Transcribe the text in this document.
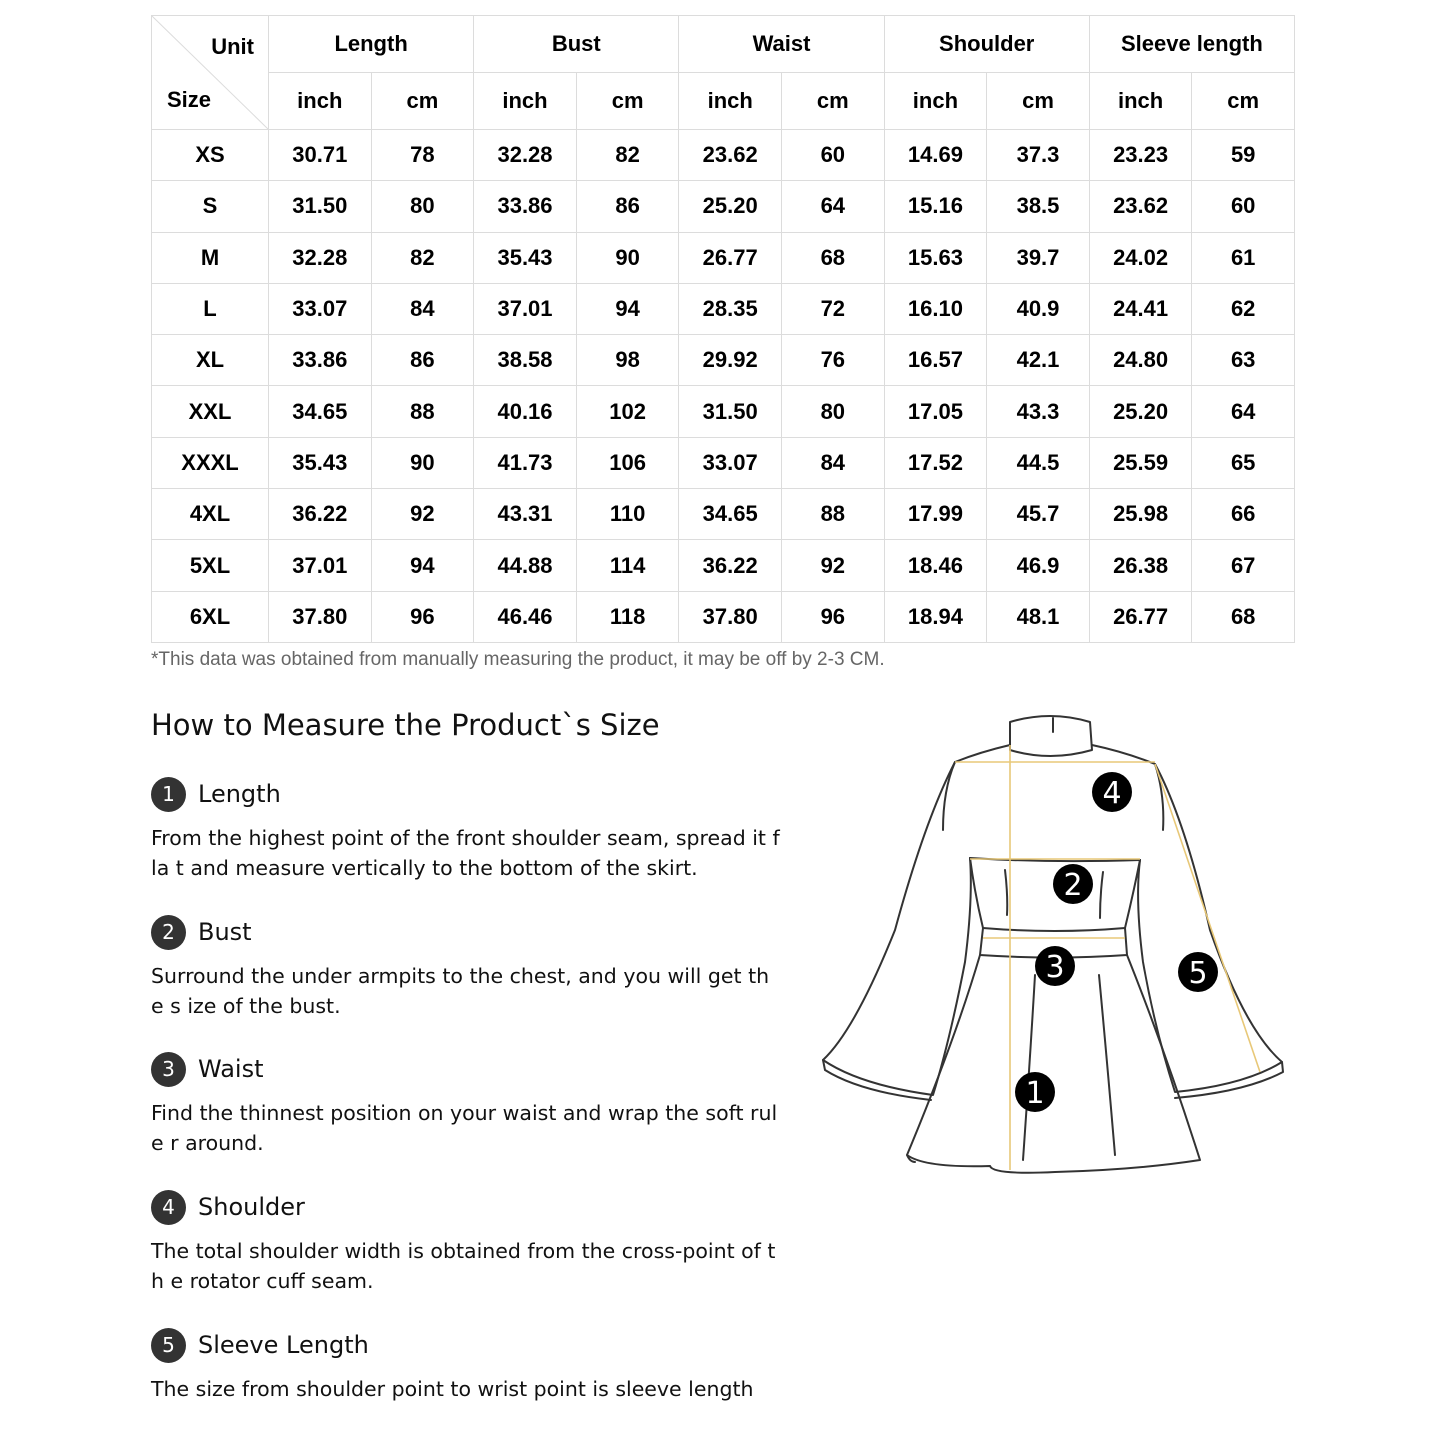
Unit
Size	Length		Bust		Waist		Shoulder		Sleeve length	
	inch	cm	inch	cm	inch	cm	inch	cm	inch	cm
XS	30.71	78	32.28	82	23.62	60	14.69	37.3	23.23	59
S	31.50	80	33.86	86	25.20	64	15.16	38.5	23.62	60
M	32.28	82	35.43	90	26.77	68	15.63	39.7	24.02	61
L	33.07	84	37.01	94	28.35	72	16.10	40.9	24.41	62
XL	33.86	86	38.58	98	29.92	76	16.57	42.1	24.80	63
XXL	34.65	88	40.16	102	31.50	80	17.05	43.3	25.20	64
XXXL	35.43	90	41.73	106	33.07	84	17.52	44.5	25.59	65
4XL	36.22	92	43.31	110	34.65	88	17.99	45.7	25.98	66
5XL	37.01	94	44.88	114	36.22	92	18.46	46.9	26.38	67
6XL	37.80	96	46.46	118	37.80	96	18.94	48.1	26.77	68
*This data was obtained from manually measuring the product, it may be off by 2-3 CM.
How to Measure the Product`s Size
1 Length
From the highest point of the front shoulder seam, spread it fla t and measure vertically to the bottom of the skirt.
2 Bust
Surround the under armpits to the chest, and you will get the s ize of the bust.
3 Waist
Find the thinnest position on your waist and wrap the soft rule r around.
4 Shoulder
The total shoulder width is obtained from the cross-point of th e rotator cuff seam.
5 Sleeve Length
The size from shoulder point to wrist point is sleeve length
1
2
3
4
5
